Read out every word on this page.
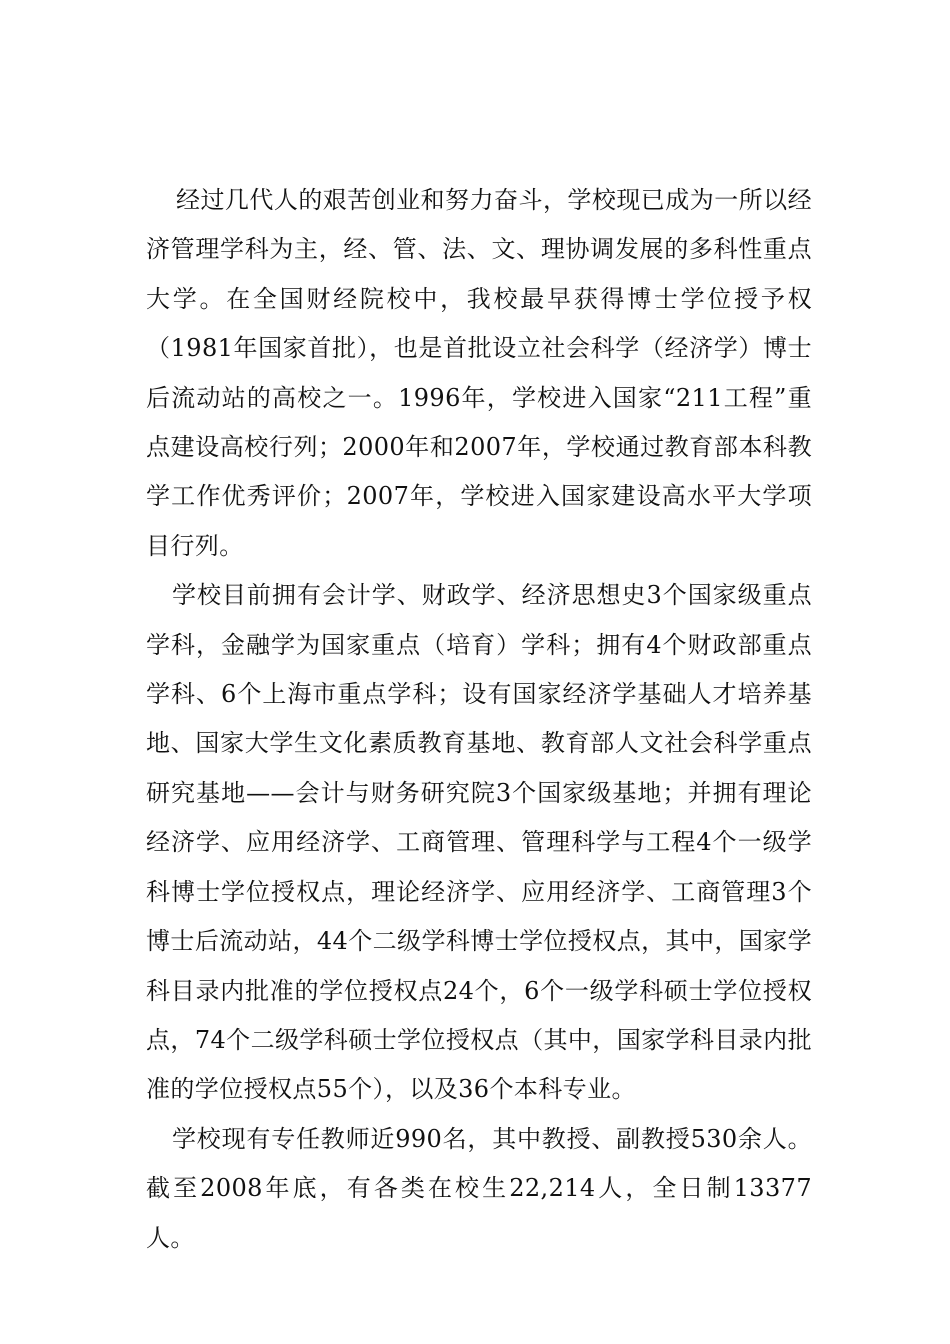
经过几代人的艰苦创业和努力奋斗，学校现已成为一所以经济管理学科为主，经、管、法、文、理协调发展的多科性重点大学。在全国财经院校中，我校最早获得博士学位授予权（1981年国家首批），也是首批设立社会科学（经济学）博士后流动站的高校之一。1996年，学校进入国家“211工程”重点建设高校行列；2000年和2007年，学校通过教育部本科教学工作优秀评价；2007年，学校进入国家建设高水平大学项目行列。

学校目前拥有会计学、财政学、经济思想史3个国家级重点学科，金融学为国家重点（培育）学科；拥有4个财政部重点学科、6个上海市重点学科；设有国家经济学基础人才培养基地、国家大学生文化素质教育基地、教育部人文社会科学重点研究基地——会计与财务研究院3个国家级基地；并拥有理论经济学、应用经济学、工商管理、管理科学与工程4个一级学科博士学位授权点，理论经济学、应用经济学、工商管理3个博士后流动站，44个二级学科博士学位授权点，其中，国家学科目录内批准的学位授权点24个，6个一级学科硕士学位授权点，74个二级学科硕士学位授权点（其中，国家学科目录内批准的学位授权点55个），以及36个本科专业。

学校现有专任教师近990名，其中教授、副教授530余人。截至2008年底，有各类在校生22,214人，全日制13377人。
